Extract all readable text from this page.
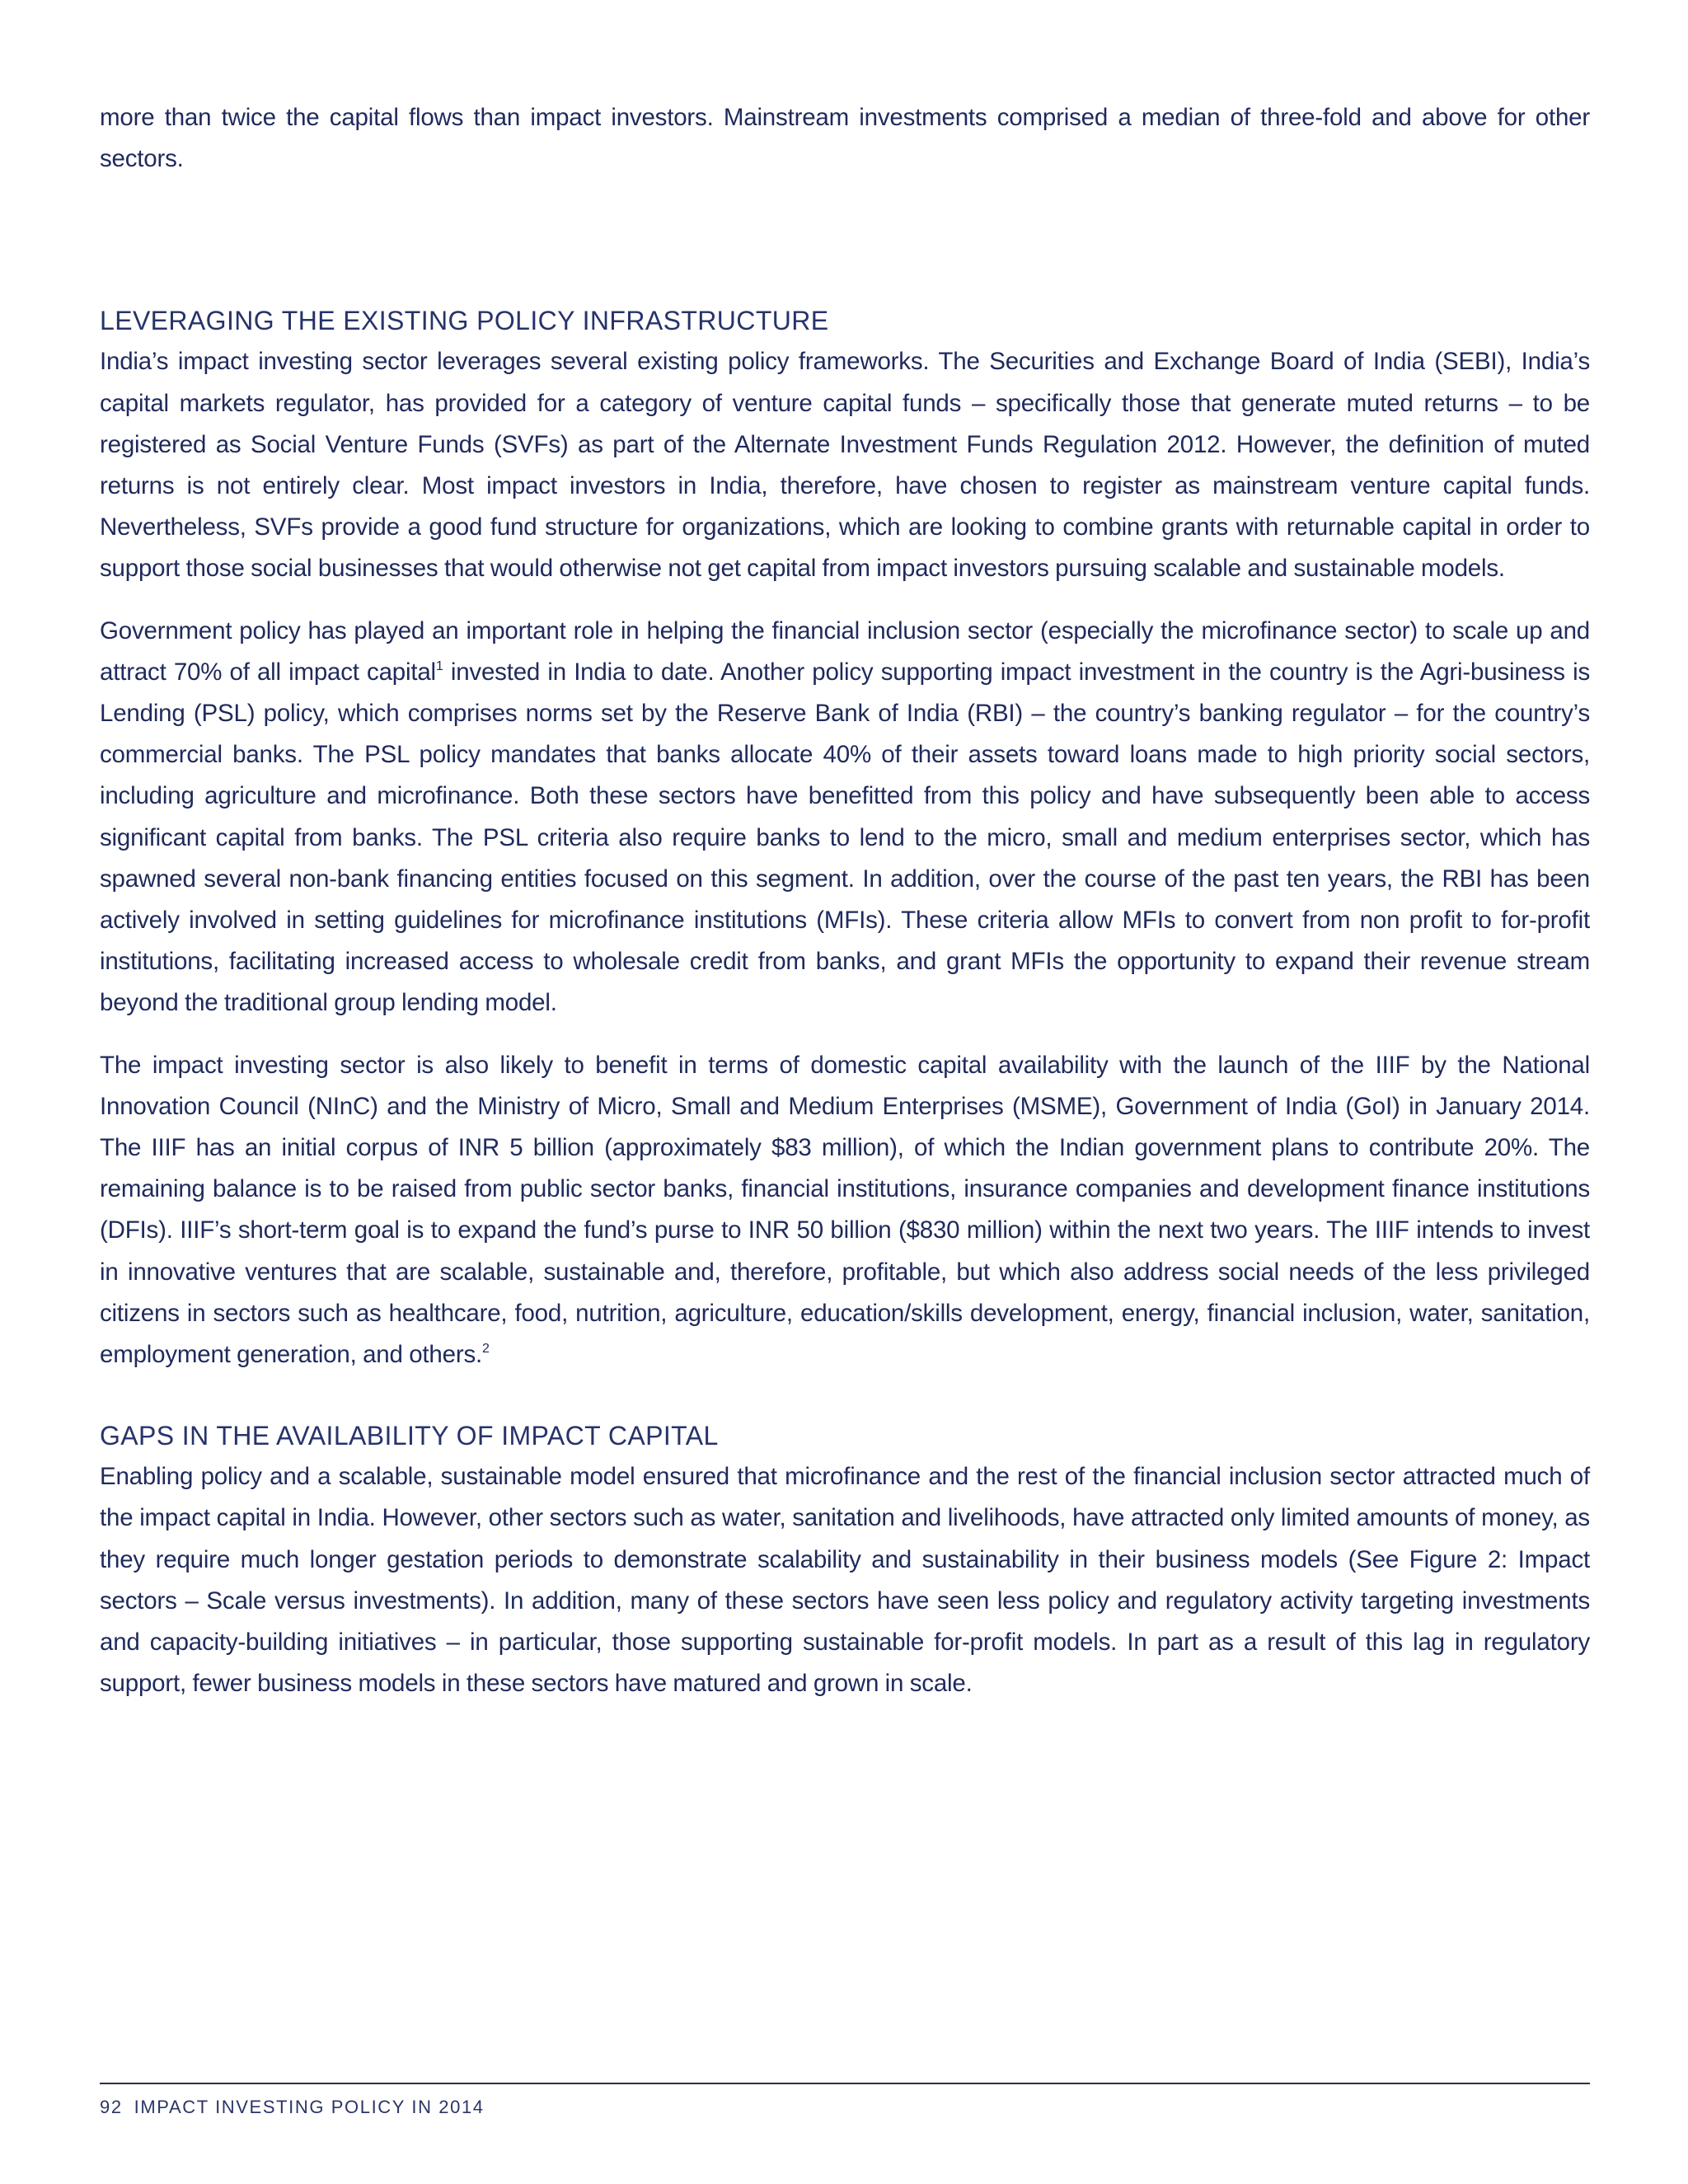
more than twice the capital flows than impact investors. Mainstream investments comprised a median of three-fold and above for other sectors.

LEVERAGING THE EXISTING POLICY INFRASTRUCTURE

India’s impact investing sector leverages several existing policy frameworks. The Securities and Exchange Board of India (SEBI), India’s capital markets regulator, has provided for a category of venture capital funds – specifically those that generate muted returns – to be registered as Social Venture Funds (SVFs) as part of the Alternate Investment Funds Regulation 2012. However, the definition of muted returns is not entirely clear. Most impact investors in India, therefore, have chosen to register as mainstream venture capital funds. Nevertheless, SVFs provide a good fund structure for organizations, which are looking to combine grants with returnable capital in order to support those social businesses that would otherwise not get capital from impact investors pursuing scalable and sustainable models.

Government policy has played an important role in helping the financial inclusion sector (especially the microfinance sector) to scale up and attract 70% of all impact capital$^1$ invested in India to date. Another policy supporting impact investment in the country is the Agri-business is Lending (PSL) policy, which comprises norms set by the Reserve Bank of India (RBI) – the country’s banking regulator – for the country’s commercial banks. The PSL policy mandates that banks allocate 40% of their assets toward loans made to high priority social sectors, including agriculture and microfinance. Both these sectors have benefitted from this policy and have subsequently been able to access significant capital from banks. The PSL criteria also require banks to lend to the micro, small and medium enterprises sector, which has spawned several non-bank financing entities focused on this segment. In addition, over the course of the past ten years, the RBI has been actively involved in setting guidelines for microfinance institutions (MFIs). These criteria allow MFIs to convert from non profit to for-profit institutions, facilitating increased access to wholesale credit from banks, and grant MFIs the opportunity to expand their revenue stream beyond the traditional group lending model.

The impact investing sector is also likely to benefit in terms of domestic capital availability with the launch of the IIIF by the National Innovation Council (NInC) and the Ministry of Micro, Small and Medium Enterprises (MSME), Government of India (GoI) in January 2014. The IIIF has an initial corpus of INR 5 billion (approximately $83 million), of which the Indian government plans to contribute 20%. The remaining balance is to be raised from public sector banks, financial institutions, insurance companies and development finance institutions (DFIs). IIIF’s short-term goal is to expand the fund’s purse to INR 50 billion ($830 million) within the next two years. The IIIF intends to invest in innovative ventures that are scalable, sustainable and, therefore, profitable, but which also address social needs of the less privileged citizens in sectors such as healthcare, food, nutrition, agriculture, education/skills development, energy, financial inclusion, water, sanitation, employment generation, and others.$^2$

GAPS IN THE AVAILABILITY OF IMPACT CAPITAL

Enabling policy and a scalable, sustainable model ensured that microfinance and the rest of the financial inclusion sector attracted much of the impact capital in India. However, other sectors such as water, sanitation and livelihoods, have attracted only limited amounts of money, as they require much longer gestation periods to demonstrate scalability and sustainability in their business models (See Figure 2: Impact sectors – Scale versus investments). In addition, many of these sectors have seen less policy and regulatory activity targeting investments and capacity-building initiatives – in particular, those supporting sustainable for-profit models. In part as a result of this lag in regulatory support, fewer business models in these sectors have matured and grown in scale.

92 IMPACT INVESTING POLICY IN 2014
